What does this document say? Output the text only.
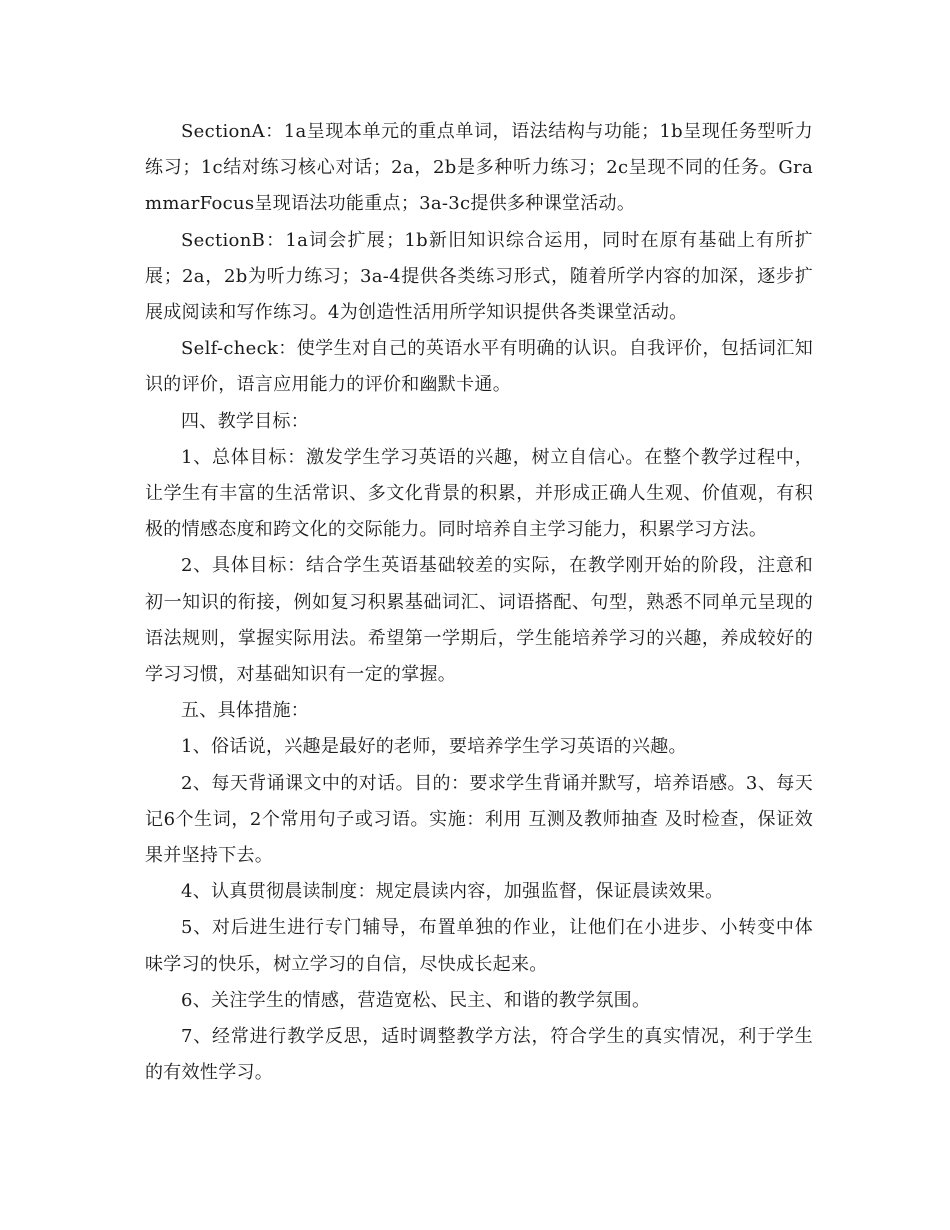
SectionA：1a呈现本单元的重点单词，语法结构与功能；1b呈现任务型听力练习；1c结对练习核心对话；2a，2b是多种听力练习；2c呈现不同的任务。GrammarFocus呈现语法功能重点；3a-3c提供多种课堂活动。

SectionB：1a词会扩展；1b新旧知识综合运用，同时在原有基础上有所扩展；2a，2b为听力练习；3a-4提供各类练习形式，随着所学内容的加深，逐步扩展成阅读和写作练习。4为创造性活用所学知识提供各类课堂活动。

Self-check：使学生对自己的英语水平有明确的认识。自我评价，包括词汇知识的评价，语言应用能力的评价和幽默卡通。

四、教学目标：

1、总体目标：激发学生学习英语的兴趣，树立自信心。在整个教学过程中，让学生有丰富的生活常识、多文化背景的积累，并形成正确人生观、价值观，有积极的情感态度和跨文化的交际能力。同时培养自主学习能力，积累学习方法。

2、具体目标：结合学生英语基础较差的实际，在教学刚开始的阶段，注意和初一知识的衔接，例如复习积累基础词汇、词语搭配、句型，熟悉不同单元呈现的语法规则，掌握实际用法。希望第一学期后，学生能培养学习的兴趣，养成较好的学习习惯，对基础知识有一定的掌握。

五、具体措施：

1、俗话说，兴趣是最好的老师，要培养学生学习英语的兴趣。

2、每天背诵课文中的对话。目的：要求学生背诵并默写，培养语感。3、每天记6个生词，2个常用句子或习语。实施：利用 互测及教师抽查 及时检查，保证效果并坚持下去。

4、认真贯彻晨读制度：规定晨读内容，加强监督，保证晨读效果。

5、对后进生进行专门辅导，布置单独的作业，让他们在小进步、小转变中体味学习的快乐，树立学习的自信，尽快成长起来。

6、关注学生的情感，营造宽松、民主、和谐的教学氛围。

7、经常进行教学反思，适时调整教学方法，符合学生的真实情况，利于学生的有效性学习。
